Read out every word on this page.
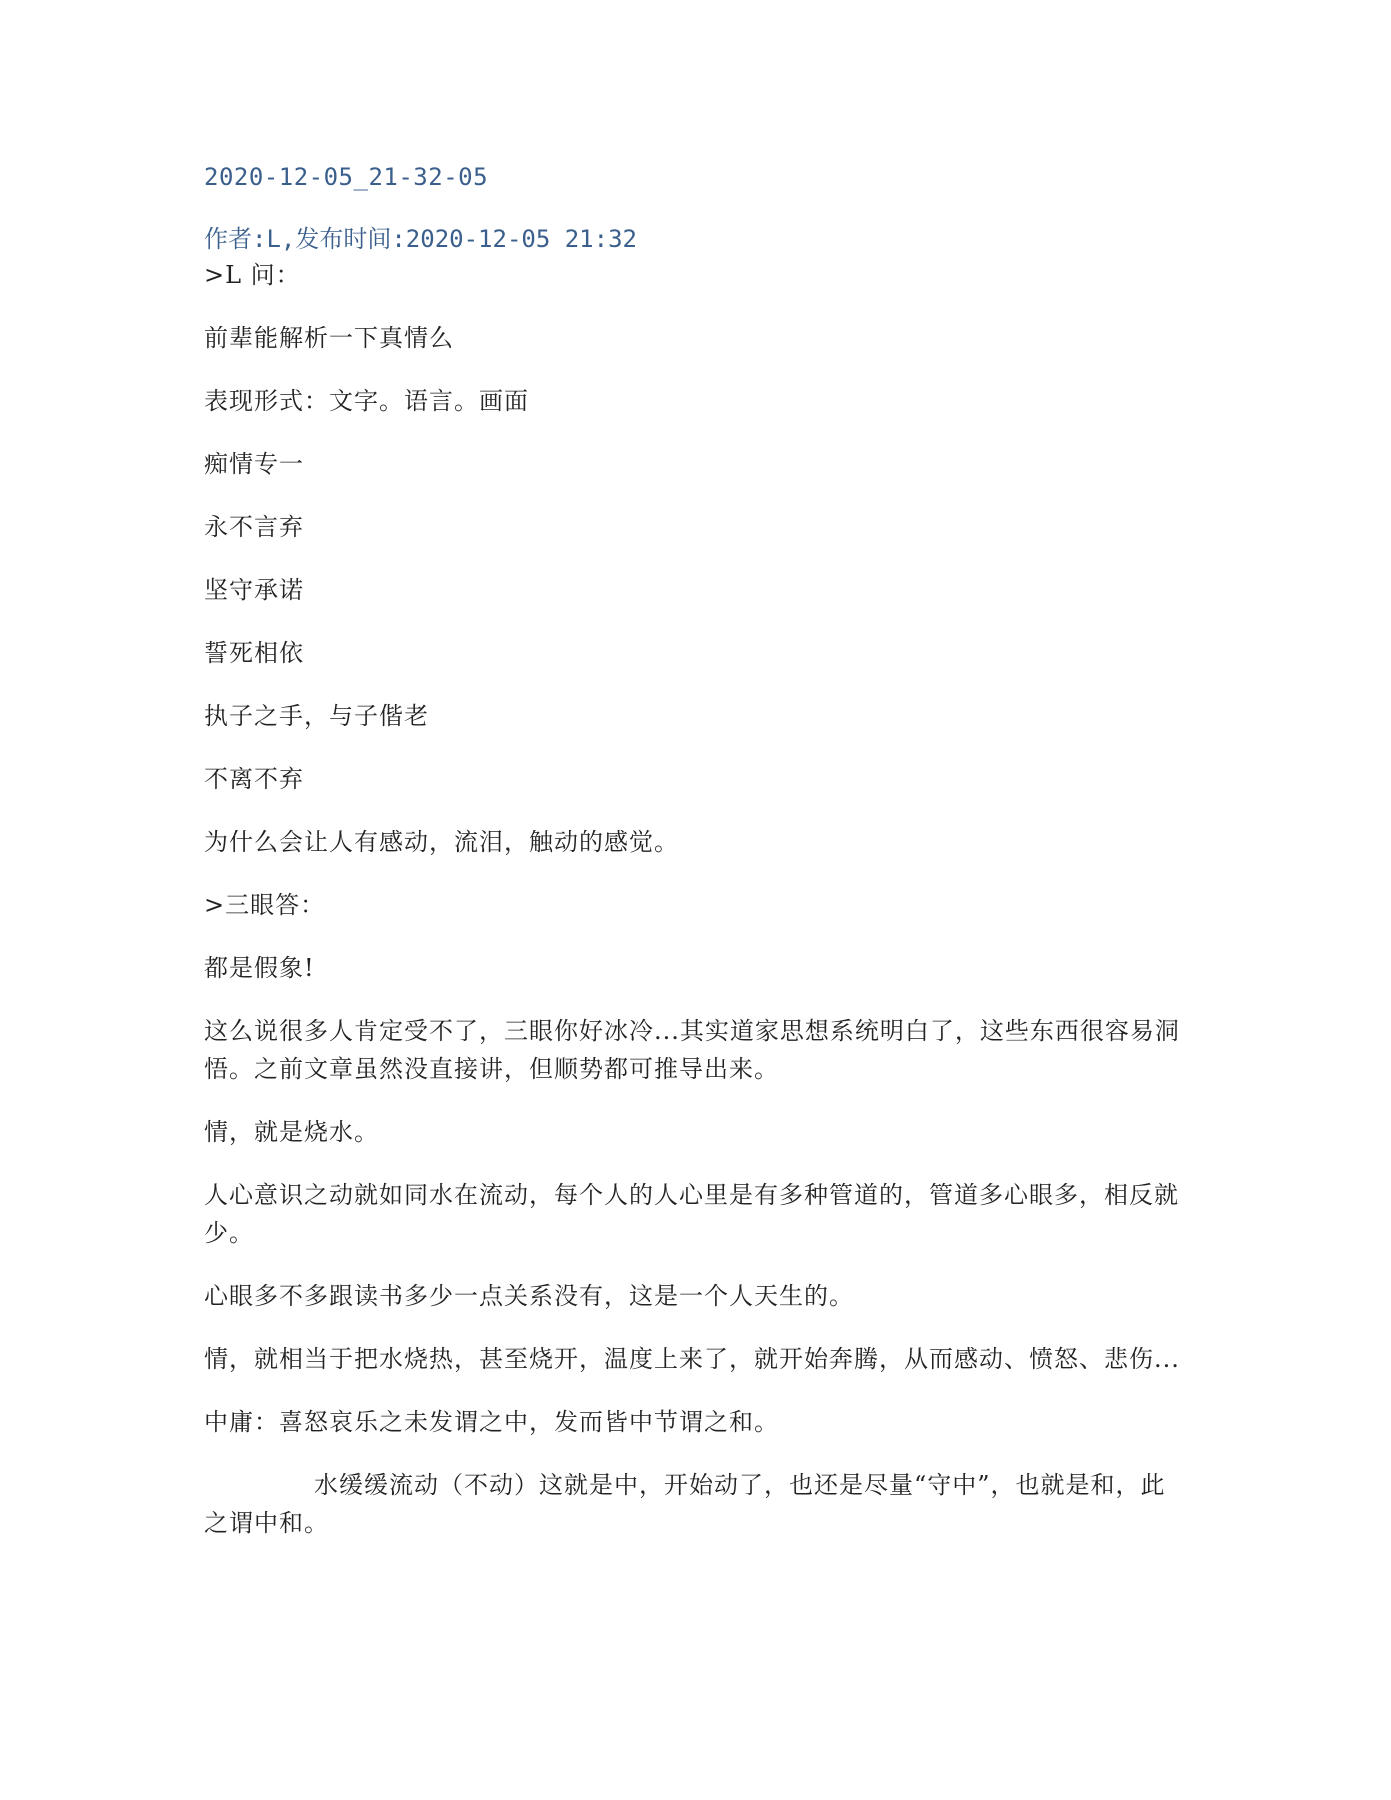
2020-12-05_21-32-05
作者:L,发布时间:2020-12-05 21:32

>L 问：

前辈能解析一下真情么

表现形式：文字。语言。画面

痴情专一

永不言弃

坚守承诺

誓死相依

执子之手，与子偕老

不离不弃

为什么会让人有感动，流泪，触动的感觉。

>三眼答：

都是假象!

这么说很多人肯定受不了，三眼你好冰冷...其实道家思想系统明白了，这些东西很容易洞悟。之前文章虽然没直接讲，但顺势都可推导出来。

情，就是烧水。

人心意识之动就如同水在流动，每个人的人心里是有多种管道的，管道多心眼多，相反就少。

心眼多不多跟读书多少一点关系没有，这是一个人天生的。

情，就相当于把水烧热，甚至烧开，温度上来了，就开始奔腾，从而感动、愤怒、悲伤...

中庸：喜怒哀乐之未发谓之中，发而皆中节谓之和。

水缓缓流动（不动）这就是中，开始动了，也还是尽量“守中”，也就是和，此之谓中和。
